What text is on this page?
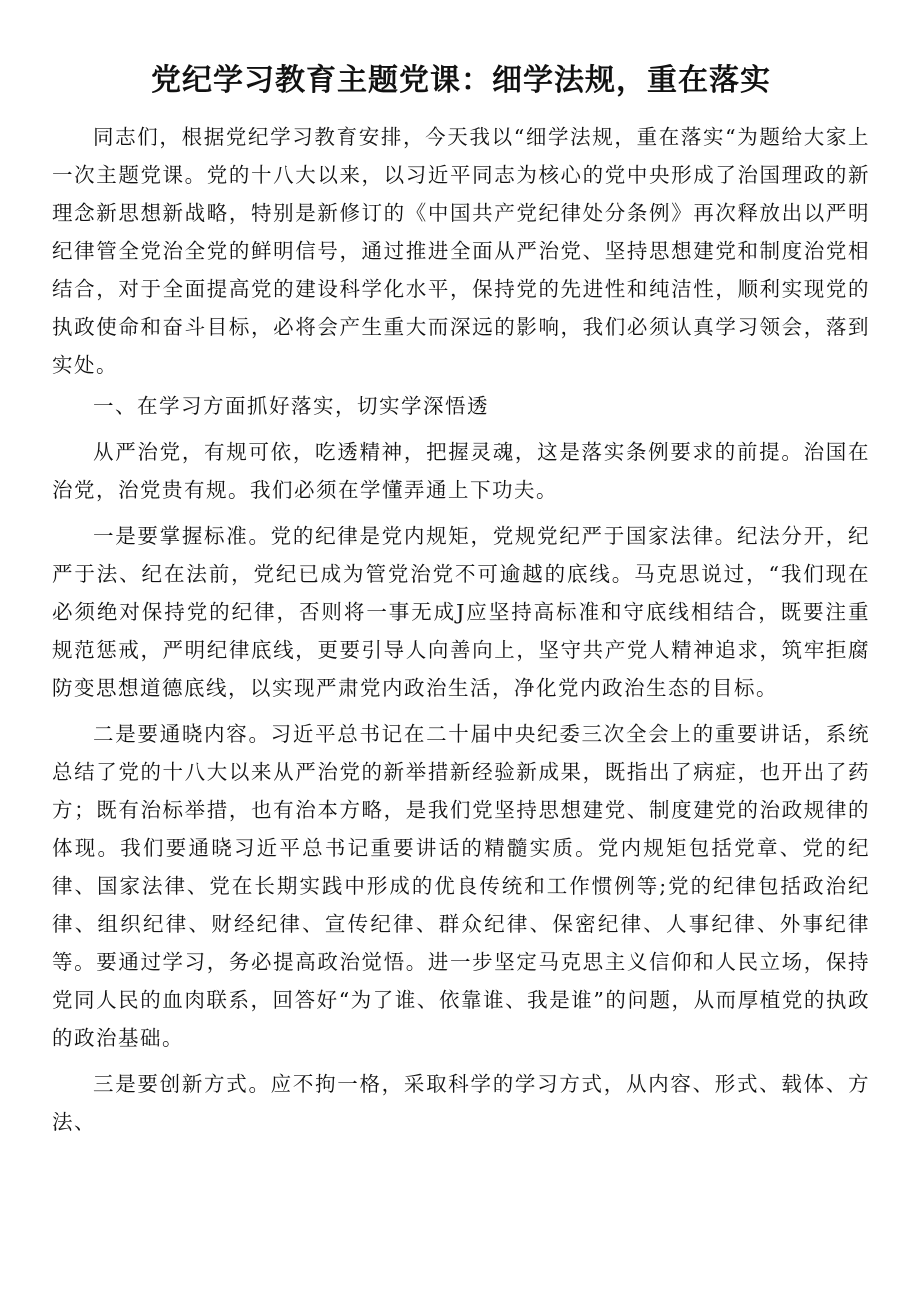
党纪学习教育主题党课：细学法规，重在落实

同志们，根据党纪学习教育安排，今天我以“细学法规，重在落实“为题给大家上一次主题党课。党的十八大以来，以习近平同志为核心的党中央形成了治国理政的新理念新思想新战略，特别是新修订的《中国共产党纪律处分条例》再次释放出以严明纪律管全党治全党的鲜明信号，通过推进全面从严治党、坚持思想建党和制度治党相结合，对于全面提高党的建设科学化水平，保持党的先进性和纯洁性，顺利实现党的执政使命和奋斗目标，必将会产生重大而深远的影响，我们必须认真学习领会，落到实处。

一、在学习方面抓好落实，切实学深悟透

从严治党，有规可依，吃透精神，把握灵魂，这是落实条例要求的前提。治国在治党，治党贵有规。我们必须在学懂弄通上下功夫。

一是要掌握标准。党的纪律是党内规矩，党规党纪严于国家法律。纪法分开，纪严于法、纪在法前，党纪已成为管党治党不可逾越的底线。马克思说过，“我们现在必须绝对保持党的纪律，否则将一事无成J应坚持高标准和守底线相结合，既要注重规范惩戒，严明纪律底线，更要引导人向善向上，坚守共产党人精神追求，筑牢拒腐防变思想道德底线，以实现严肃党内政治生活，净化党内政治生态的目标。

二是要通晓内容。习近平总书记在二十届中央纪委三次全会上的重要讲话，系统总结了党的十八大以来从严治党的新举措新经验新成果，既指出了病症，也开出了药方；既有治标举措，也有治本方略，是我们党坚持思想建党、制度建党的治政规律的体现。我们要通晓习近平总书记重要讲话的精髓实质。党内规矩包括党章、党的纪律、国家法律、党在长期实践中形成的优良传统和工作惯例等;党的纪律包括政治纪律、组织纪律、财经纪律、宣传纪律、群众纪律、保密纪律、人事纪律、外事纪律等。要通过学习，务必提高政治觉悟。进一步坚定马克思主义信仰和人民立场，保持党同人民的血肉联系，回答好“为了谁、依靠谁、我是谁”的问题，从而厚植党的执政的政治基础。

三是要创新方式。应不拘一格，采取科学的学习方式，从内容、形式、载体、方法、
